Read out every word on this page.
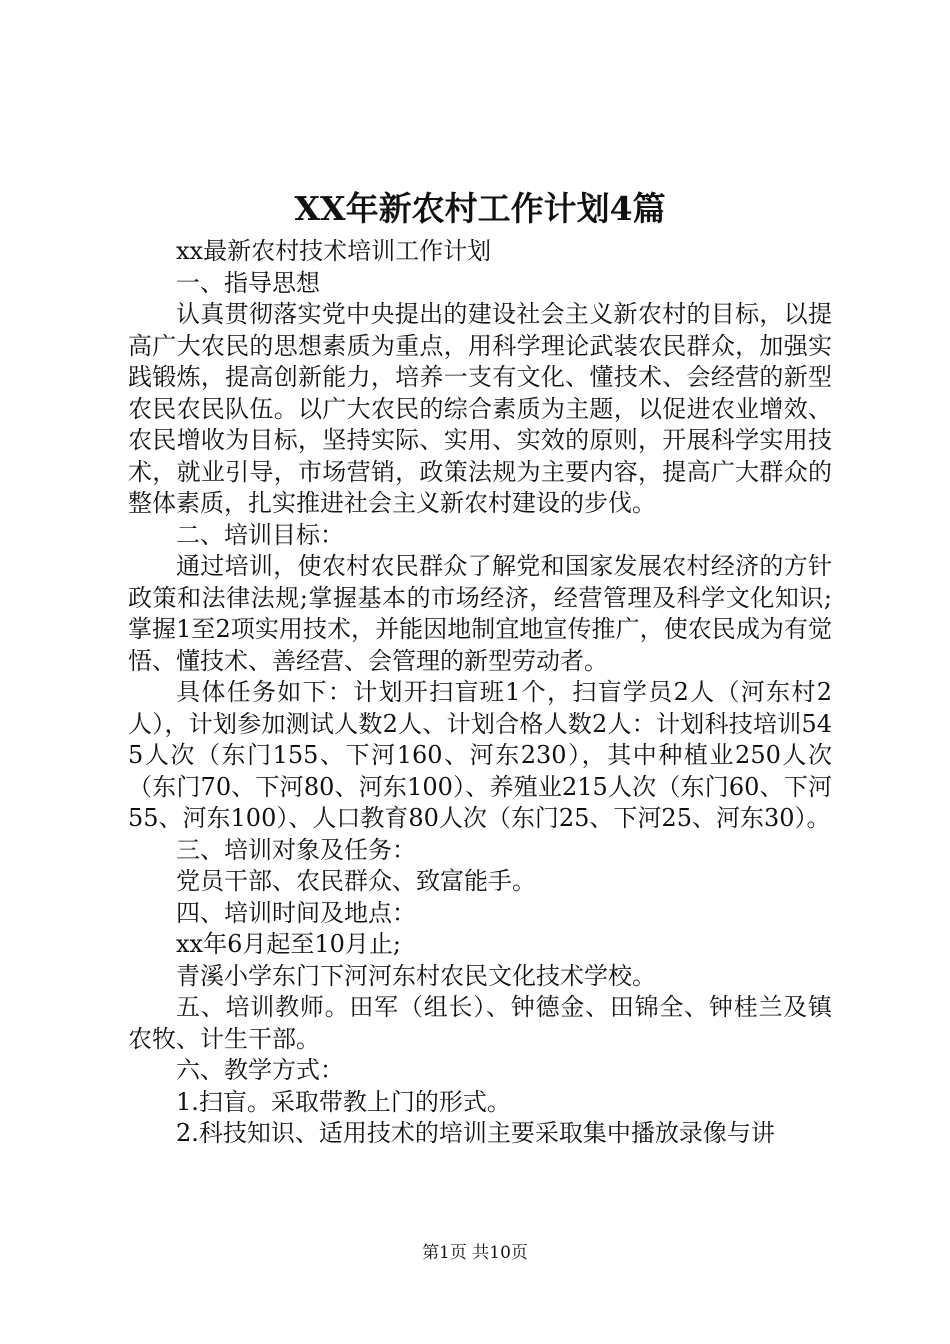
XX年新农村工作计划4篇

xx最新农村技术培训工作计划

一、指导思想

认真贯彻落实党中央提出的建设社会主义新农村的目标，以提高广大农民的思想素质为重点，用科学理论武装农民群众，加强实践锻炼，提高创新能力，培养一支有文化、懂技术、会经营的新型农民农民队伍。以广大农民的综合素质为主题，以促进农业增效、农民增收为目标，坚持实际、实用、实效的原则，开展科学实用技术，就业引导，市场营销，政策法规为主要内容，提高广大群众的整体素质，扎实推进社会主义新农村建设的步伐。

二、培训目标：

通过培训，使农村农民群众了解党和国家发展农村经济的方针政策和法律法规;掌握基本的市场经济，经营管理及科学文化知识;掌握1至2项实用技术，并能因地制宜地宣传推广，使农民成为有觉悟、懂技术、善经营、会管理的新型劳动者。

具体任务如下：计划开扫盲班1个，扫盲学员2人（河东村2人），计划参加测试人数2人、计划合格人数2人：计划科技培训545人次（东门155、下河160、河东230），其中种植业250人次（东门70、下河80、河东100）、养殖业215人次（东门60、下河55、河东100）、人口教育80人次（东门25、下河25、河东30）。

三、培训对象及任务：

党员干部、农民群众、致富能手。

四、培训时间及地点：

xx年6月起至10月止;

青溪小学东门下河河东村农民文化技术学校。

五、培训教师。田军（组长）、钟德金、田锦全、钟桂兰及镇农牧、计生干部。

六、教学方式：

1.扫盲。采取带教上门的形式。

2.科技知识、适用技术的培训主要采取集中播放录像与讲

第1页 共10页
